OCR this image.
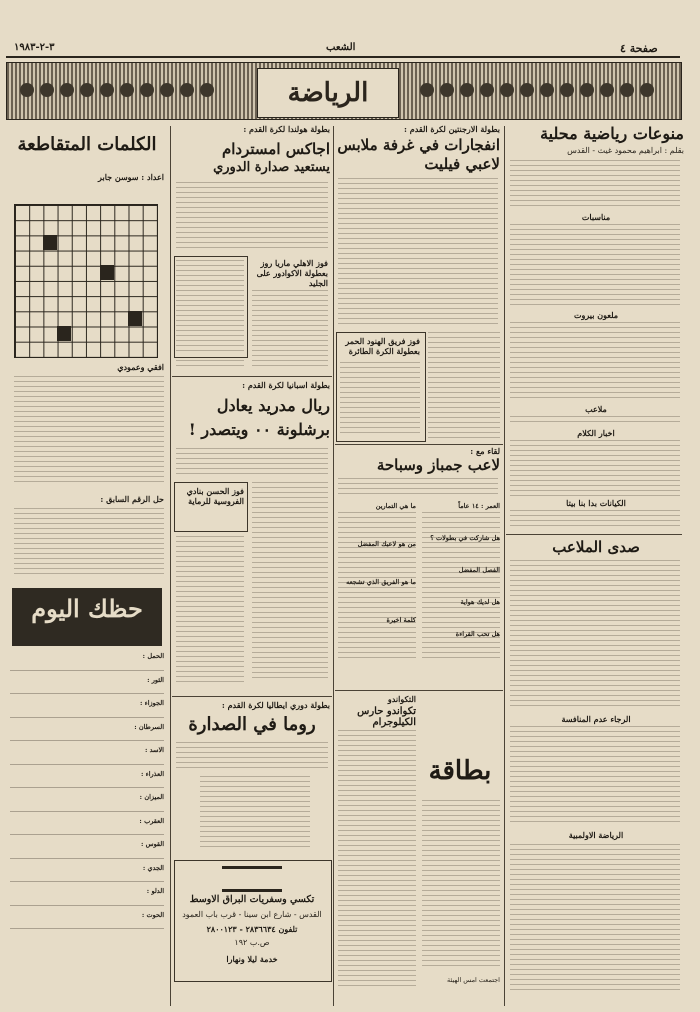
٣-٢-١٩٨٣	الشعب	صفحة ٤
الرياضة
منوعات رياضية محلية
بقلم : ابراهيم محمود غيث - القدس
مناسبات
ملعون بيروت
ملاعب
اخبار الكلام
الكيانات بدا بنا بيتا
صدى الملاعب
الرجاء عدم المنافسة
الرياضة الاولمبية
بطولة الارجنتين لكرة القدم :
انفجارات في غرفة ملابس
لاعبي فيليت
فوز فريق الهنود الحمر بعطولة الكرة الطائرة
لقاء مع :
لاعب جمباز وسباحة
العمر : ١٤ عاماً
هل شاركت في بطولات ؟
الفصل المفضل
هل لديك هواية
هل تحب القراءة
ما هي التمارين
من هو لاعبك المفضل
ما هو الفريق الذي تشجعه
كلمة اخيرة
التكواندو
تكواندو حارس الكيلوجرام
بطاقة
اجتمعت امس الهيئة
بطولة هولندا لكرة القدم :
اجاكس امستردام
يستعيد صدارة الدوري
فوز الاهلي ماريا روز بعطولة الاكوادور على الجليد
بطولة اسبانيا لكرة القدم :
ريال مدريد يعادل
برشلونة ٠٠ ويتصدر !
فوز الحسن بنادي الفروسية للرماية
بطولة دوري ايطاليا لكرة القدم :
روما في الصدارة
تكسي وسفريات البراق الاوسط
القدس - شارع ابن سينا - قرب باب العمود
تلفون ٢٨٣٦٦٣٤ - ٢٨٠٠١٢٣
ص.ب ١٩٢
خدمة ليلا ونهارا
الكلمات المتقاطعة
اعداد : سوسن جابر
افقي وعمودي
حل الرقم السابق :
حظك اليوم
الحمل :
الثور :
الجوزاء :
السرطان :
الاسد :
العذراء :
الميزان :
العقرب :
القوس :
الجدي :
الدلو :
الحوت :
